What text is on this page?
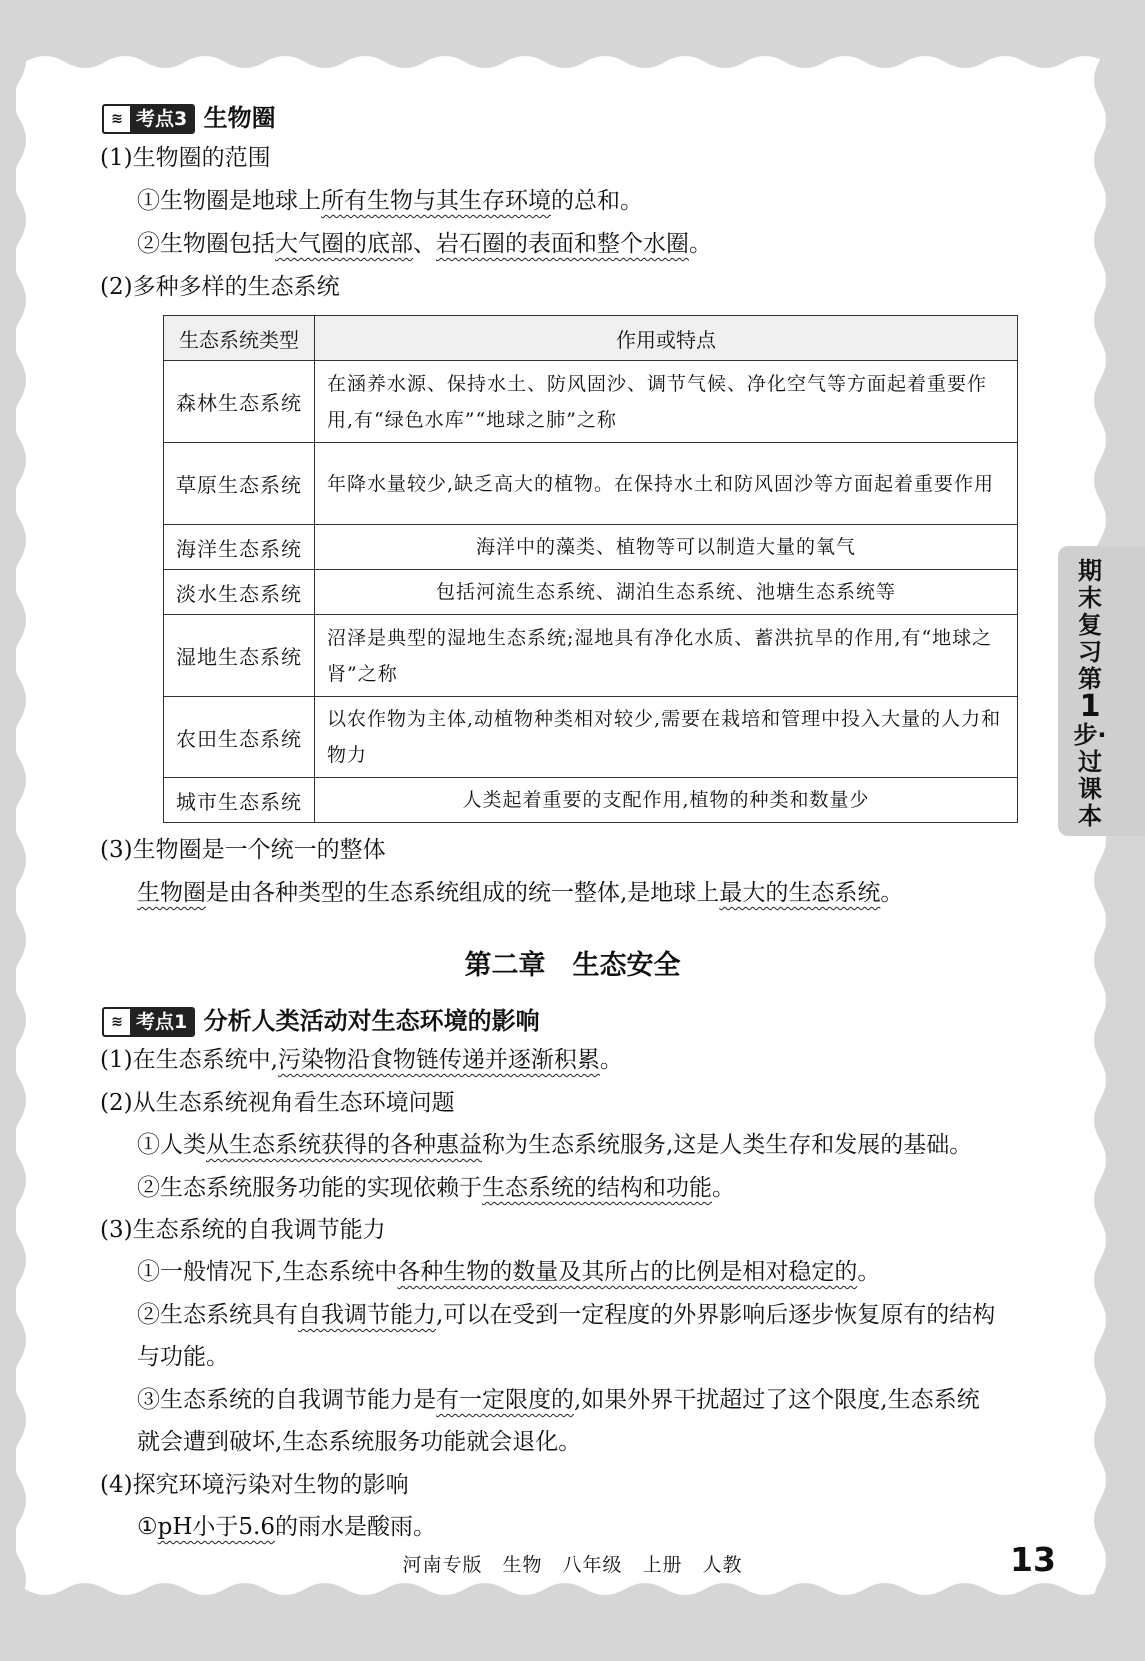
≋ 考点3 生物圈
(1)生物圈的范围
①生物圈是地球上所有生物与其生存环境的总和。
②生物圈包括大气圈的底部、岩石圈的表面和整个水圈。
(2)多种多样的生态系统
生态系统类型	作用或特点
森林生态系统	在涵养水源、保持水土、防风固沙、调节气候、净化空气等方面起着重要作用,有“绿色水库”“地球之肺”之称
草原生态系统	年降水量较少,缺乏高大的植物。在保持水土和防风固沙等方面起着重要作用
海洋生态系统	海洋中的藻类、植物等可以制造大量的氧气
淡水生态系统	包括河流生态系统、湖泊生态系统、池塘生态系统等
湿地生态系统	沼泽是典型的湿地生态系统;湿地具有净化水质、蓄洪抗旱的作用,有“地球之肾”之称
农田生态系统	以农作物为主体,动植物种类相对较少,需要在栽培和管理中投入大量的人力和物力
城市生态系统	人类起着重要的支配作用,植物的种类和数量少
(3)生物圈是一个统一的整体
生物圈是由各种类型的生态系统组成的统一整体,是地球上最大的生态系统。
第二章　生态安全
≋ 考点1 分析人类活动对生态环境的影响
(1)在生态系统中,污染物沿食物链传递并逐渐积累。
(2)从生态系统视角看生态环境问题
①人类从生态系统获得的各种惠益称为生态系统服务,这是人类生存和发展的基础。
②生态系统服务功能的实现依赖于生态系统的结构和功能。
(3)生态系统的自我调节能力
①一般情况下,生态系统中各种生物的数量及其所占的比例是相对稳定的。
②生态系统具有自我调节能力,可以在受到一定程度的外界影响后逐步恢复原有的结构
与功能。
③生态系统的自我调节能力是有一定限度的,如果外界干扰超过了这个限度,生态系统
就会遭到破坏,生态系统服务功能就会退化。
(4)探究环境污染对生物的影响
①pH小于5.6的雨水是酸雨。
河南专版　生物　八年级　上册　人教	13
期末复习第1步·过课本
